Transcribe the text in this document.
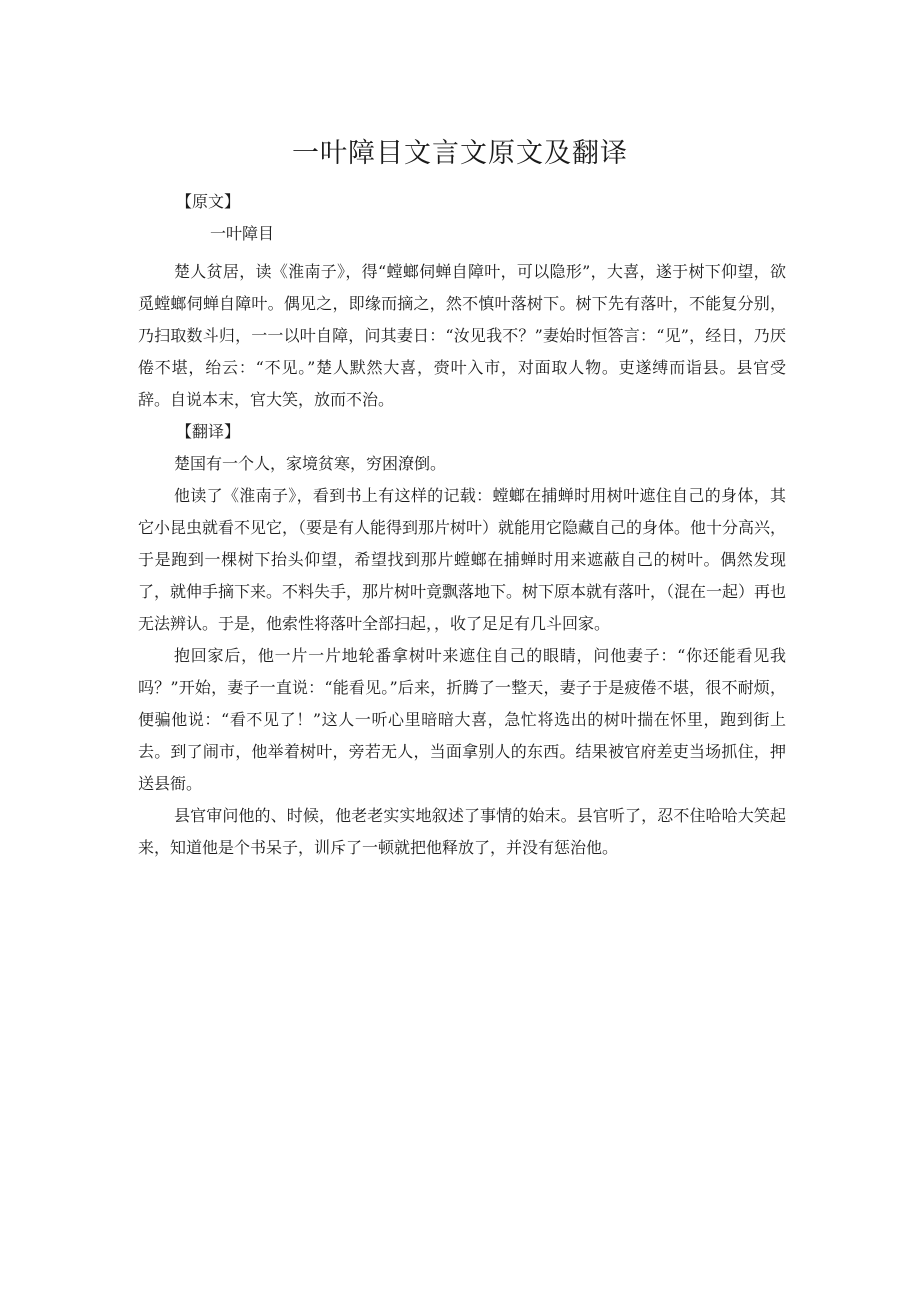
一叶障目文言文原文及翻译
【原文】
一叶障目

楚人贫居，读《淮南子》，得“螳螂伺蝉自障叶，可以隐形”，大喜，遂于树下仰望，欲觅螳螂伺蝉自障叶。偶见之，即缘而摘之，然不慎叶落树下。树下先有落叶，不能复分别，乃扫取数斗归，一一以叶自障，问其妻日：“汝见我不？”妻始时恒答言：“见”，经日，乃厌倦不堪，绐云：“不见。”楚人默然大喜，赍叶入市，对面取人物。吏遂缚而诣县。县官受辞。自说本末，官大笑，放而不治。

【翻译】

楚国有一个人，家境贫寒，穷困潦倒。

他读了《淮南子》，看到书上有这样的记载：螳螂在捕蝉时用树叶遮住自己的身体，其它小昆虫就看不见它，（要是有人能得到那片树叶）就能用它隐藏自己的身体。他十分高兴，于是跑到一棵树下抬头仰望，希望找到那片螳螂在捕蝉时用来遮蔽自己的树叶。偶然发现了，就伸手摘下来。不料失手，那片树叶竟飘落地下。树下原本就有落叶，（混在一起）再也无法辨认。于是，他索性将落叶全部扫起，，收了足足有几斗回家。

抱回家后，他一片一片地轮番拿树叶来遮住自己的眼睛，问他妻子：“你还能看见我吗？”开始，妻子一直说：“能看见。”后来，折腾了一整天，妻子于是疲倦不堪，很不耐烦，便骗他说：“看不见了！”这人一听心里暗暗大喜，急忙将选出的树叶揣在怀里，跑到街上去。到了闹市，他举着树叶，旁若无人，当面拿别人的东西。结果被官府差吏当场抓住，押送县衙。

县官审问他的、时候，他老老实实地叙述了事情的始末。县官听了，忍不住哈哈大笑起来，知道他是个书呆子，训斥了一顿就把他释放了，并没有惩治他。
